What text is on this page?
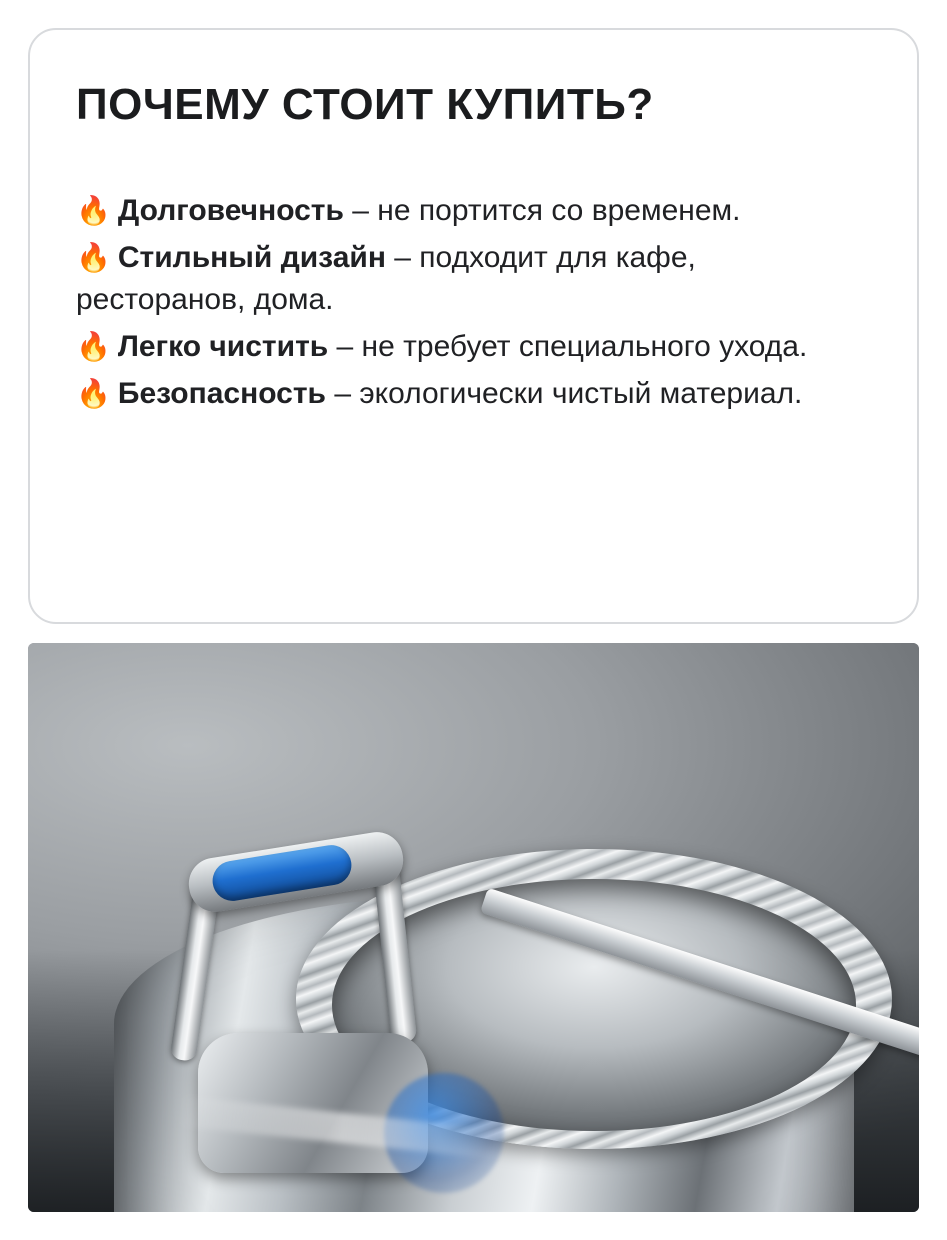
ПОЧЕМУ СТОИТ КУПИТЬ?
🔥 Долговечность – не портится со временем.
🔥 Стильный дизайн – подходит для кафе, ресторанов, дома.
🔥 Легко чистить – не требует специального ухода.
🔥 Безопасность – экологически чистый материал.
